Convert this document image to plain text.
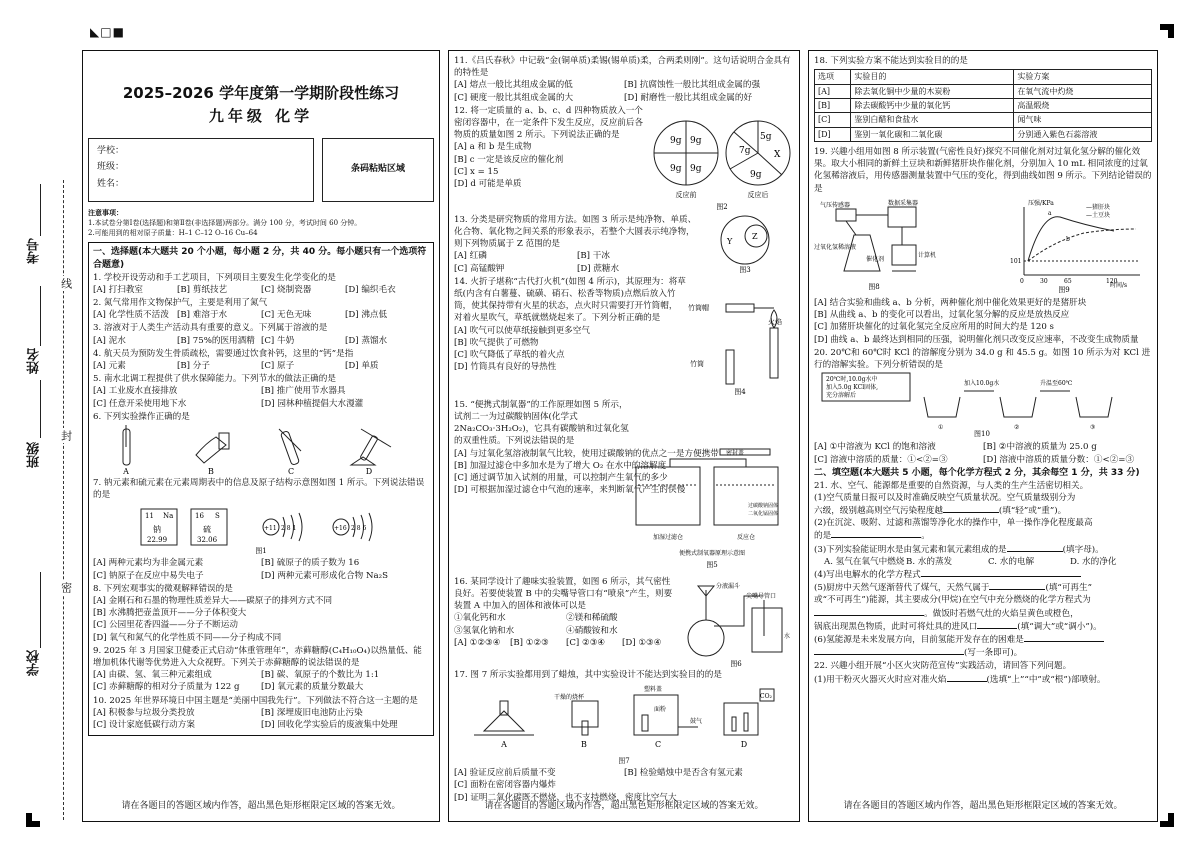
◣□■
考号
姓名
班级
学校
线
封
密
2025–2026 学年度第一学期阶段性练习
九年级 化学
学校：
班级：
姓名：
条码粘贴区域
注意事项：
1.本试卷分第Ⅰ卷(选择题)和第Ⅱ卷(非选择题)两部分。满分 100 分，考试时间 60 分钟。
2.可能用到的相对原子质量：H–1 C–12 O–16 Cu–64
一、选择题(本大题共 20 个小题，每小题 2 分，共 40 分。每小题只有一个选项符合题意)
1. 学校开设劳动和手工艺项目，下列项目主要发生化学变化的是
[A] 打扫教室	[B] 剪纸技艺	[C] 烧制瓷器	[D] 编织毛衣
2. 氮气常用作文物保护气，主要是利用了氮气
[A] 化学性质不活泼 [B] 难溶于水	[C] 无色无味	[D] 沸点低
3. 溶液对于人类生产活动具有重要的意义。下列属于溶液的是
[A] 泥水	[B] 75%的医用酒精 [C] 牛奶	[D] 蒸馏水
4. 航天员为预防发生骨质疏松，需要通过饮食补钙，这里的“钙”是指
[A] 元素	[B] 分子	[C] 原子	[D] 单质
5. 南水北调工程提供了供水保障能力。下列节水的做法正确的是
[A] 工业废水直接排放	[B] 推广使用节水器具
[C] 任意开采使用地下水	[D] 园林种植提倡大水漫灌
6. 下列实验操作正确的是
A	B	C	D
7. 钠元素和硫元素在元素周期表中的信息及原子结构示意图如图 1 所示。下列说法错误的是
11 Na
钠
22.99
16 S
硫
32.06
+11	+16
2 8 1	2 8 6
图1
[A] 两种元素均为非金属元素	[B] 硫原子的质子数为 16
[C] 钠原子在反应中易失电子	[D] 两种元素可形成化合物 Na₂S
8. 下列宏观事实的微观解释错误的是
[A] 金刚石和石墨的物理性质差异大——碳原子的排列方式不同
[B] 水沸腾把壶盖顶开——分子体积变大
[C] 公园里花香四溢——分子不断运动
[D] 氧气和氮气的化学性质不同——分子构成不同
9. 2025 年 3 月国家卫健委正式启动“体重管理年”，赤藓糖醇(C₄H₁₀O₄)以热量低、能增加机体代谢等优势进入大众视野。下列关于赤藓糖醇的说法错误的是
[A] 由碳、氢、氧三种元素组成	[B] 碳、氧原子的个数比为 1:1
[C] 赤藓糖醇的相对分子质量为 122 g	[D] 氧元素的质量分数最大
10. 2025 年世界环境日中国主题是“美丽中国我先行”。下列做法不符合这一主题的是
[A] 积极参与垃圾分类投放	[B] 深埋废旧电池防止污染
[C] 设计家庭低碳行动方案	[D] 回收化学实验后的废液集中处理
请在各题目的答题区域内作答，超出黑色矩形框限定区域的答案无效。
11.《吕氏春秋》中记载“金(铜单质)柔锡(锡单质)柔，合两柔则刚”。这句话说明合金具有的特性是
[A] 熔点一般比其组成金属的低	[B] 抗腐蚀性一般比其组成金属的强
[C] 硬度一般比其组成金属的大	[D] 耐磨性一般比其组成金属的好
12. 将一定质量的 a、b、c、d 四种物质放入一个密闭容器中，在一定条件下发生反应，反应前后各物质的质量如图 2 所示。下列说法正确的是
[A] a 和 b 是生成物
[B] c 一定是该反应的催化剂
[C] x = 15
[D] d 可能是单质
9g 9g
9g 9g
5g
7g
9g
X
反应前	反应后
图2
13. 分类是研究物质的常用方法。如图 3 所示是纯净物、单质、化合物、氧化物之间关系的形象表示，若整个大圆表示纯净物，则下列物质属于 Z 范围的是
[A] 红磷	[B] 干冰
[C] 高锰酸钾	[D] 蔗糖水
Y
Z
图3
14. 火折子堪称“古代打火机”(如图 4 所示)，其原理为：将草纸(内含有白薯蔓、硫磺、硝石、松香等物质)点燃后放入竹筒，使其保持带有火星的状态，点火时只需要打开竹筒帽，对着火星吹气，草纸就燃烧起来了。下列分析正确的是
[A] 吹气可以使草纸接触到更多空气
[B] 吹气提供了可燃物
[C] 吹气降低了草纸的着火点
[D] 竹筒具有良好的导热性
竹筒帽
火焰
竹筒
图4
15. “便携式制氧器”的工作原理如图 5 所示，试剂二一为过碳酸钠固体(化学式 2Na₂CO₃·3H₂O₂)，它具有碳酸钠和过氧化氢的双重性质。下列说法错误的是
[A] 与过氧化氢溶液制氧气比较，使用过碳酸钠的优点之一是方便携带
[B] 加湿过滤仓中多加水是为了增大 O₂ 在水中的溶解度
[C] 通过调节加入试剂的用量，可以控制产生氧气的多少
[D] 可根据加湿过滤仓中气泡的速率，来判断氧气产生的快慢
密封盖
加湿过滤仓	反应仓
过碳酸钠固体
二氧化锰固体
便携式制氧器原理示意图
图5
16. 某同学设计了趣味实验装置，如图 6 所示，其气密性良好。若要使装置 B 中的尖嘴导管口有“喷泉”产生，则要装置 A 中加入的固体和液体可以是
①氧化钙和水	②镁和稀硫酸
③氢氧化钠和水	④硝酸铵和水
[A] ①②③④	[B] ①②③	[C] ②③④	[D] ①③④
分液漏斗
尖嘴导管口
水
图6
17. 图 7 所示实验都用到了蜡烛，其中实验设计不能达到实验目的的是
干燥的烧杯
塑料盖
面粉
鼓气
CO₂
A	B	C	D
图7
[A] 验证反应前后质量不变	[B] 检验蜡烛中是否含有氢元素
[C] 面粉在密闭容器内爆炸
[D] 证明二氧化碳既不燃烧、也不支持燃烧，密度比空气大
请在各题目的答题区域内作答，超出黑色矩形框限定区域的答案无效。
18. 下列实验方案不能达到实验目的的是
选项	实验目的	实验方案
[A]	除去氧化铜中少量的木炭粉	在氧气流中灼烧
[B]	除去碳酸钙中少量的氧化钙	高温煅烧
[C]	鉴别白醋和食盐水	闻气味
[D]	鉴别一氧化碳和二氧化碳	分别通入紫色石蕊溶液
19. 兴趣小组用如图 8 所示装置(气密性良好)探究不同催化剂对过氧化氢分解的催化效果。取大小相同的新鲜土豆块和新鲜猪肝块作催化剂，分别加入 10 mL 相同浓度的过氧化氢稀溶液后，用传感器测量装置中气压的变化，得到曲线如图 9 所示。下列结论错误的是
气压传感器	数据采集器
计算机
过氧化氢稀溶液
催化剂
压强/KPa
时间/s
—猪肝块
—土豆块
a
b
101
0	30	65	120
图8	图9
[A] 结合实验和曲线 a、b 分析，两种催化剂中催化效果更好的是猪肝块
[B] 从曲线 a、b 的变化可以看出，过氧化氢分解的反应是放热反应
[C] 加猪肝块催化的过氧化氢完全反应所用的时间大约是 120 s
[D] 曲线 a、b 最终达到相同的压强，说明催化剂只改变反应速率，不改变生成物质量
20. 20℃和 60℃时 KCl 的溶解度分别为 34.0 g 和 45.5 g。如图 10 所示为对 KCl 进行的溶解实验。下列分析错误的是
20℃时,10.0g水中
加入5.0g KCl固体,
充分溶解后
加入10.0g水	升温至60℃
①	②	③
图10
[A] ①中溶液为 KCl 的饱和溶液	[B] ②中溶液的质量为 25.0 g
[C] 溶液中溶质的质量：①<②=③	[D] 溶液中溶质的质量分数：①<②=③
二、填空题(本大题共 5 小题，每个化学方程式 2 分，其余每空 1 分，共 33 分)
21. 水、空气、能源都是重要的自然资源，与人类的生产生活密切相关。
(1)空气质量日报可以及时准确反映空气质量状况。空气质量级别分为
六级，级别越高则空气污染程度越	(填“轻”或“重”)。
(2)在沉淀、吸附、过滤和蒸馏等净化水的操作中，单一操作净化程度最高
的是	。
(3)下列实验能证明水是由氢元素和氧元素组成的是	(填字母)。
A. 氢气在氧气中燃烧 B. 水的蒸发	C. 水的电解	D. 水的净化
(4)写出电解水的化学方程式
(5)厨房中天然气逐渐替代了煤气，天然气属于	(填“可再生”
或“不可再生”)能源，其主要成分(甲烷)在空气中充分燃烧的化学方程式为
。做饭时若燃气灶的火焰呈黄色或橙色，
锅底出现黑色物质，此时可将灶具的进风口	(填“调大”或“调小”)。
(6)氢能源是未来发展方向，目前氢能开发存在的困难是
(写一条即可)。
22. 兴趣小组开展“小区火灾防范宣传”实践活动，请回答下列问题。
(1)用干粉灭火器灭火时应对准火焰	(选填“上”“中”或“根”)部喷射。
请在各题目的答题区域内作答，超出黑色矩形框限定区域的答案无效。
